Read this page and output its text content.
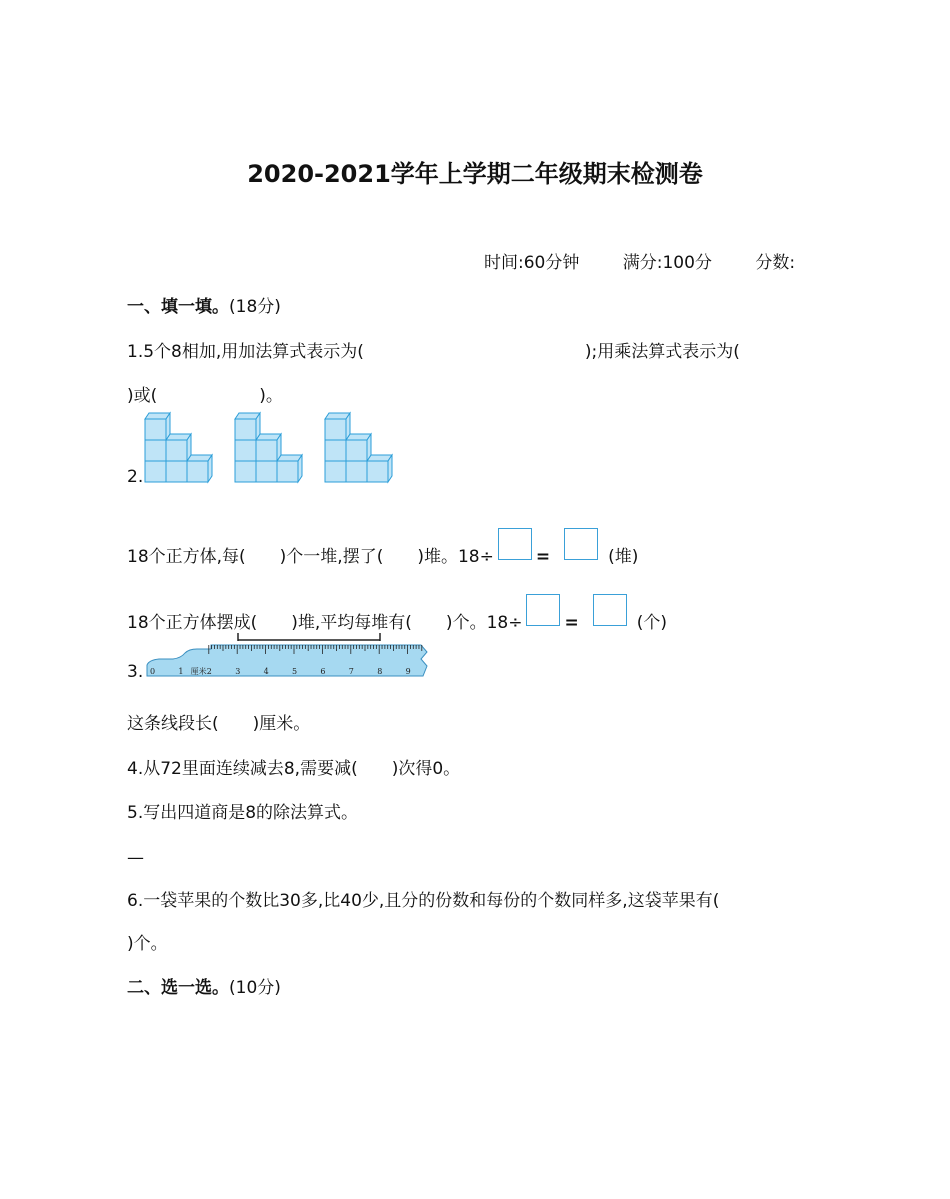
2020-2021学年上学期二年级期末检测卷
时间:60分钟	满分:100分	分数:
一、填一填。(18分)
1.5个8相加,用加法算式表示为(　　　　　　　　　　　　　);用乘法算式表示为(
)或(　　　　　　)。
2.
18个正方体,每(　　)个一堆,摆了(　　)堆。18÷ =	(堆)
18个正方体摆成(　　)堆,平均每堆有(　　)个。18÷ =	(个)
3. 0	1 厘米 2	3	4	5	6	7	8	9
这条线段长(　　)厘米。
4.从72里面连续减去8,需要减(　　)次得0。
5.写出四道商是8的除法算式。
—
6.一袋苹果的个数比30多,比40少,且分的份数和每份的个数同样多,这袋苹果有(
)个。
二、选一选。(10分)
